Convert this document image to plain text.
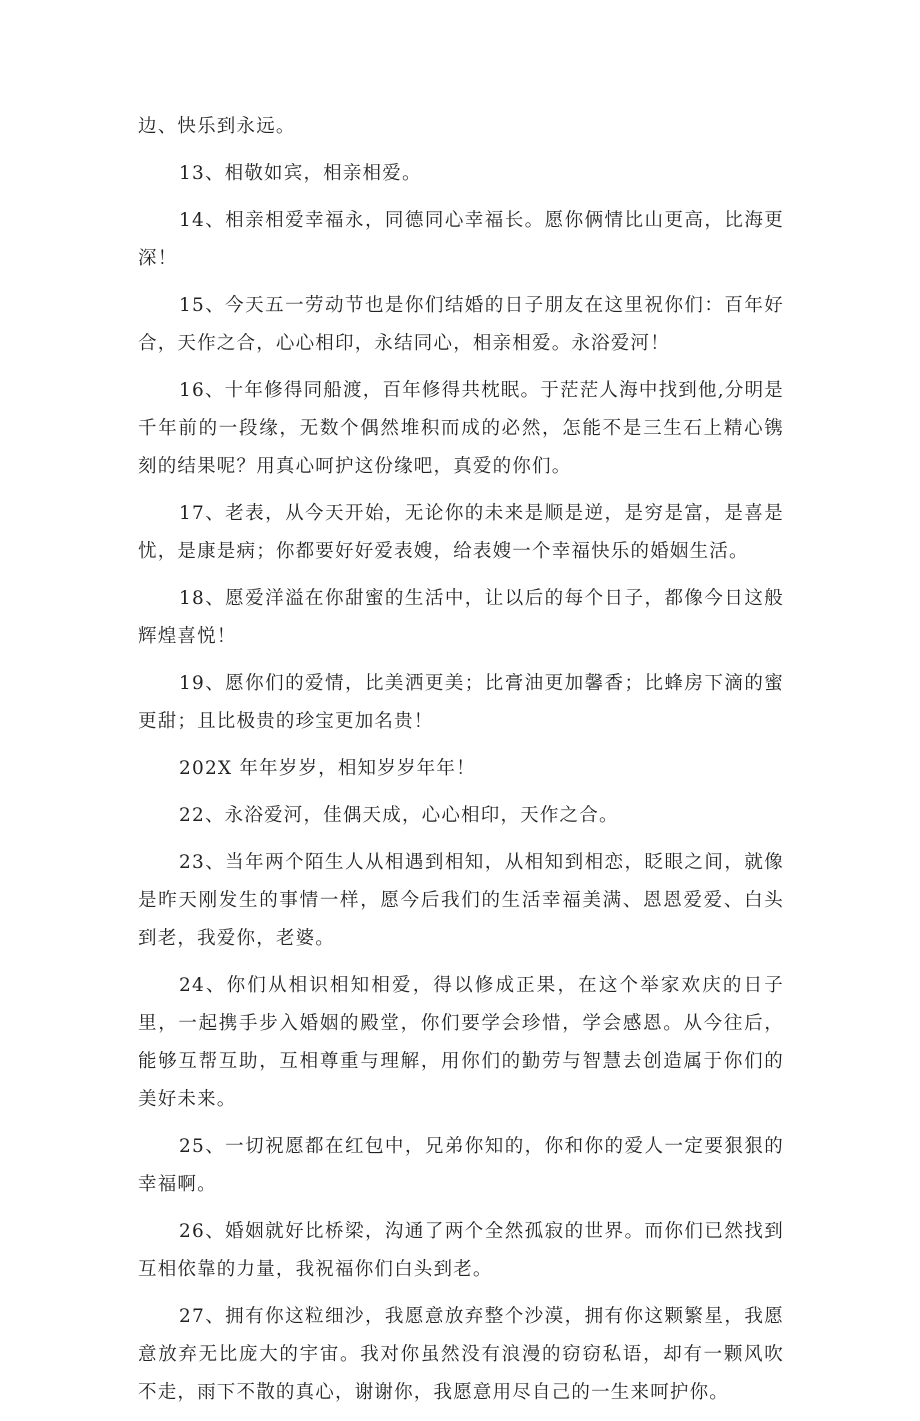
边、快乐到永远。

13、相敬如宾，相亲相爱。

14、相亲相爱幸福永，同德同心幸福长。愿你俩情比山更高，比海更深！

15、今天五一劳动节也是你们结婚的日子朋友在这里祝你们：百年好合，天作之合，心心相印，永结同心，相亲相爱。永浴爱河！

16、十年修得同船渡，百年修得共枕眠。于茫茫人海中找到他,分明是千年前的一段缘，无数个偶然堆积而成的必然，怎能不是三生石上精心镌刻的结果呢？用真心呵护这份缘吧，真爱的你们。

17、老表，从今天开始，无论你的未来是顺是逆，是穷是富，是喜是忧，是康是病；你都要好好爱表嫂，给表嫂一个幸福快乐的婚姻生活。

18、愿爱洋溢在你甜蜜的生活中，让以后的每个日子，都像今日这般辉煌喜悦！

19、愿你们的爱情，比美洒更美；比膏油更加馨香；比蜂房下滴的蜜更甜；且比极贵的珍宝更加名贵！

202X 年年岁岁，相知岁岁年年！

22、永浴爱河，佳偶天成，心心相印，天作之合。

23、当年两个陌生人从相遇到相知，从相知到相恋，眨眼之间，就像是昨天刚发生的事情一样，愿今后我们的生活幸福美满、恩恩爱爱、白头到老，我爱你，老婆。

24、你们从相识相知相爱，得以修成正果，在这个举家欢庆的日子里，一起携手步入婚姻的殿堂，你们要学会珍惜，学会感恩。从今往后，能够互帮互助，互相尊重与理解，用你们的勤劳与智慧去创造属于你们的美好未来。

25、一切祝愿都在红包中，兄弟你知的，你和你的爱人一定要狠狠的幸福啊。

26、婚姻就好比桥梁，沟通了两个全然孤寂的世界。而你们已然找到互相依靠的力量，我祝福你们白头到老。

27、拥有你这粒细沙，我愿意放弃整个沙漠，拥有你这颗繁星，我愿意放弃无比庞大的宇宙。我对你虽然没有浪漫的窃窃私语，却有一颗风吹不走，雨下不散的真心，谢谢你，我愿意用尽自己的一生来呵护你。
